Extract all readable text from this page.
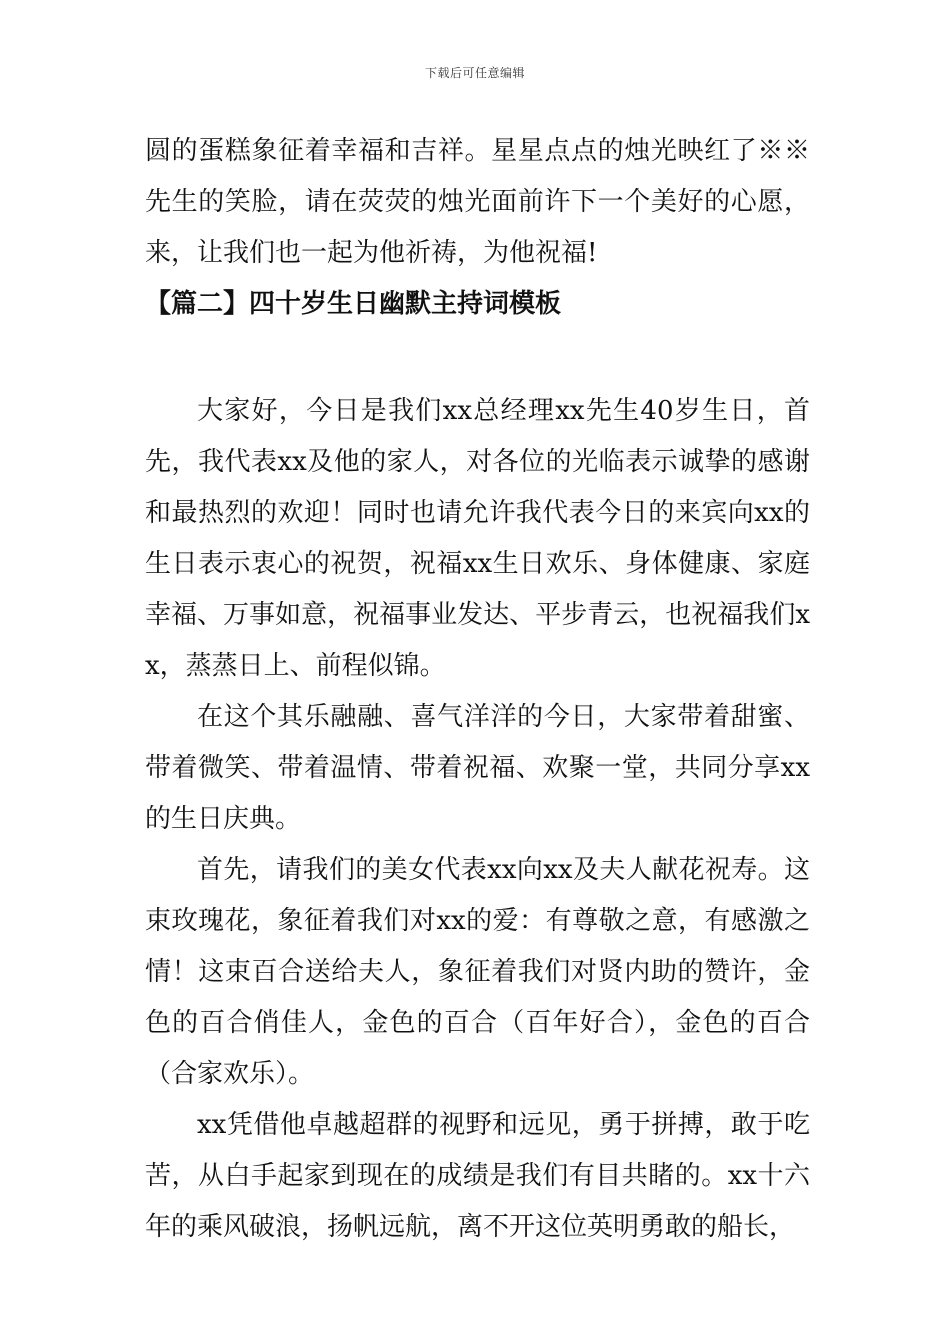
下载后可任意编辑

圆的蛋糕象征着幸福和吉祥。星星点点的烛光映红了※※先生的笑脸，请在荧荧的烛光面前许下一个美好的心愿，来，让我们也一起为他祈祷，为他祝福!

【篇二】四十岁生日幽默主持词模板

大家好，今日是我们xx总经理xx先生40岁生日，首先，我代表xx及他的家人，对各位的光临表示诚挚的感谢和最热烈的欢迎！同时也请允许我代表今日的来宾向xx的生日表示衷心的祝贺，祝福xx生日欢乐、身体健康、家庭幸福、万事如意，祝福事业发达、平步青云，也祝福我们xx，蒸蒸日上、前程似锦。

在这个其乐融融、喜气洋洋的今日，大家带着甜蜜、带着微笑、带着温情、带着祝福、欢聚一堂，共同分享xx的生日庆典。

首先，请我们的美女代表xx向xx及夫人献花祝寿。这束玫瑰花，象征着我们对xx的爱：有尊敬之意，有感激之情！这束百合送给夫人，象征着我们对贤内助的赞许，金色的百合俏佳人，金色的百合（百年好合），金色的百合（合家欢乐）。

xx凭借他卓越超群的视野和远见，勇于拼搏，敢于吃苦，从白手起家到现在的成绩是我们有目共睹的。xx十六年的乘风破浪，扬帆远航，离不开这位英明勇敢的船长，
